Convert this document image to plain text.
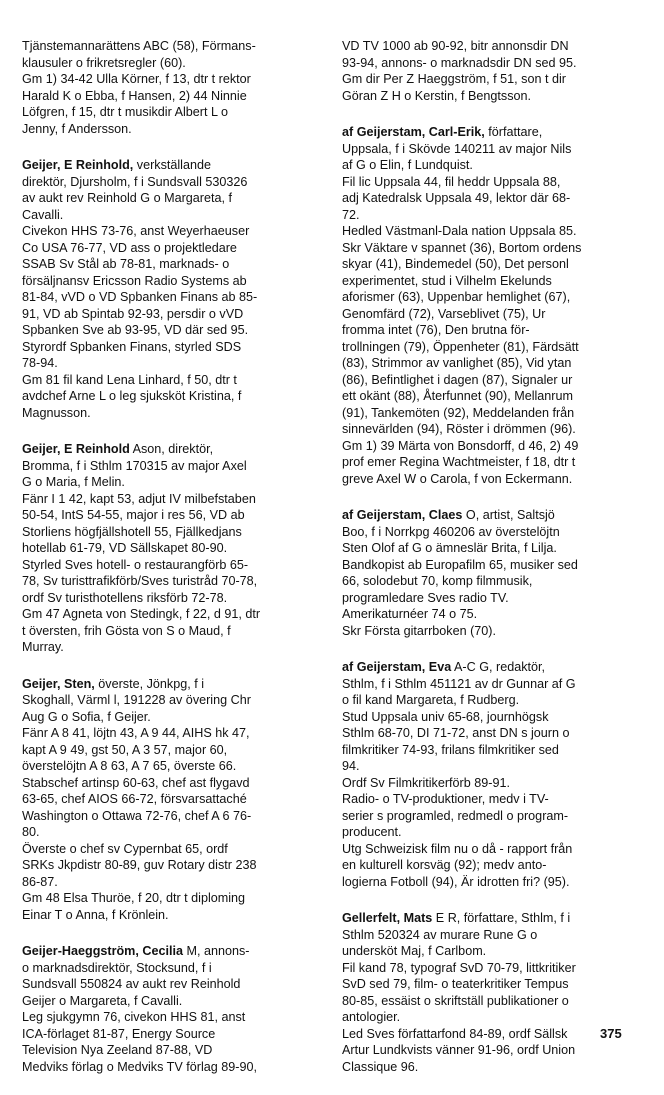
Tjänstemannarättens ABC (58), Förmans-
klausuler o frikretsregler (60).

Gm 1) 34-42 Ulla Körner, f 13, dtr t rektor
Harald K o Ebba, f Hansen, 2) 44 Ninnie
Löfgren, f 15, dtr t musikdir Albert L o
Jenny, f Andersson.

Geijer, E Reinhold, verkställande
direktör, Djursholm, f i Sundsvall 530326
av aukt rev Reinhold G o Margareta, f
Cavalli.

Civekon HHS 73-76, anst Weyerhaeuser
Co USA 76-77, VD ass o projektledare
SSAB Sv Stål ab 78-81, marknads- o
försäljnansv Ericsson Radio Systems ab
81-84, vVD o VD Spbanken Finans ab 85-
91, VD ab Spintab 92-93, persdir o vVD
Spbanken Sve ab 93-95, VD där sed 95.
Styrordf Spbanken Finans, styrled SDS
78-94.

Gm 81 fil kand Lena Linhard, f 50, dtr t
avdchef Arne L o leg sjuksköt Kristina, f
Magnusson.

Geijer, E Reinhold Ason, direktör,
Bromma, f i Sthlm 170315 av major Axel
G o Maria, f Melin.

Fänr I 1 42, kapt 53, adjut IV milbefstaben
50-54, IntS 54-55, major i res 56, VD ab
Storliens högfjällshotell 55, Fjällkedjans
hotellab 61-79, VD Sällskapet 80-90.
Styrled Sves hotell- o restaurangförb 65-
78, Sv turisttrafikförb/Sves turistråd 70-78,
ordf Sv turisthotellens riksförb 72-78.

Gm 47 Agneta von Stedingk, f 22, d 91, dtr
t översten, frih Gösta von S o Maud, f
Murray.

Geijer, Sten, överste, Jönkpg, f i
Skoghall, Värml l, 191228 av övering Chr
Aug G o Sofia, f Geijer.

Fänr A 8 41, löjtn 43, A 9 44, AIHS hk 47,
kapt A 9 49, gst 50, A 3 57, major 60,
överstelöjtn A 8 63, A 7 65, överste 66.
Stabschef artinsp 60-63, chef ast flygavd
63-65, chef AIOS 66-72, försvarsattaché
Washington o Ottawa 72-76, chef A 6 76-
80.

Överste o chef sv Cypernbat 65, ordf
SRKs Jkpdistr 80-89, guv Rotary distr 238
86-87.

Gm 48 Elsa Thuröe, f 20, dtr t diploming
Einar T o Anna, f Krönlein.

Geijer-Haeggström, Cecilia M, annons-
o marknadsdirektör, Stocksund, f i
Sundsvall 550824 av aukt rev Reinhold
Geijer o Margareta, f Cavalli.

Leg sjukgymn 76, civekon HHS 81, anst
ICA-förlaget 81-87, Energy Source
Television Nya Zeeland 87-88, VD
Medviks förlag o Medviks TV förlag 89-90,

VD TV 1000 ab 90-92, bitr annonsdir DN
93-94, annons- o marknadsdir DN sed 95.

Gm dir Per Z Haeggström, f 51, son t dir
Göran Z H o Kerstin, f Bengtsson.

af Geijerstam, Carl-Erik, författare,
Uppsala, f i Skövde 140211 av major Nils
af G o Elin, f Lundquist.

Fil lic Uppsala 44, fil heddr Uppsala 88,
adj Katedralsk Uppsala 49, lektor där 68-
72.

Hedled Västmanl-Dala nation Uppsala 85.

Skr Väktare v spannet (36), Bortom ordens
skyar (41), Bindemedel (50), Det personl
experimentet, stud i Vilhelm Ekelunds
aforismer (63), Uppenbar hemlighet (67),
Genomfärd (72), Varseblivet (75), Ur
fromma intet (76), Den brutna för-
trollningen (79), Öppenheter (81), Färdsätt
(83), Strimmor av vanlighet (85), Vid ytan
(86), Befintlighet i dagen (87), Signaler ur
ett okänt (88), Återfunnet (90), Mellanrum
(91), Tankemöten (92), Meddelanden från
sinnevärlden (94), Röster i drömmen (96).

Gm 1) 39 Märta von Bonsdorff, d 46, 2) 49
prof emer Regina Wachtmeister, f 18, dtr t
greve Axel W o Carola, f von Eckermann.

af Geijerstam, Claes O, artist, Saltsjö
Boo, f i Norrkpg 460206 av överstelöjtn
Sten Olof af G o ämneslär Brita, f Lilja.

Bandkopist ab Europafilm 65, musiker sed
66, solodebut 70, komp filmmusik,
programledare Sves radio TV.

Amerikaturnéer 74 o 75.

Skr Första gitarrboken (70).

af Geijerstam, Eva A-C G, redaktör,
Sthlm, f i Sthlm 451121 av dr Gunnar af G
o fil kand Margareta, f Rudberg.

Stud Uppsala univ 65-68, journhögsk
Sthlm 68-70, DI 71-72, anst DN s journ o
filmkritiker 74-93, frilans filmkritiker sed
94.

Ordf Sv Filmkritikerförb 89-91.

Radio- o TV-produktioner, medv i TV-
serier s programled, redmedl o program-
producent.

Utg Schweizisk film nu o då - rapport från
en kulturell korsväg (92); medv anto-
logierna Fotboll (94), Är idrotten fri? (95).

Gellerfelt, Mats E R, författare, Sthlm, f i
Sthlm 520324 av murare Rune G o
undersköt Maj, f Carlbom.

Fil kand 78, typograf SvD 70-79, littkritiker
SvD sed 79, film- o teaterkritiker Tempus
80-85, essäist o skriftställ publikationer o
antologier.

Led Sves författarfond 84-89, ordf Sällsk
Artur Lundkvists vänner 91-96, ordf Union
Classique 96.

375
